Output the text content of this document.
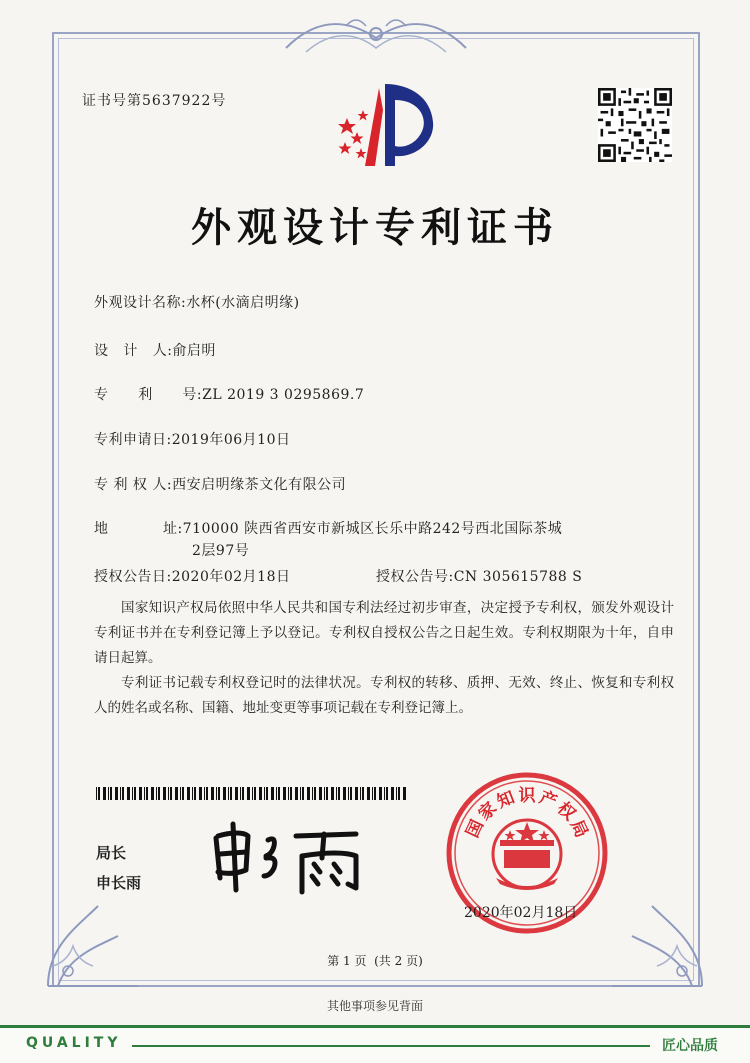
证书号第5637922号
外观设计专利证书
外观设计名称:水杯(水滴启明缘)
设   计   人:俞启明
专      利      号:ZL 2019 3 0295869.7
专利申请日:2019年06月10日
专 利 权 人:西安启明缘茶文化有限公司
地           址:710000 陕西省西安市新城区长乐中路242号西北国际茶城
2层97号
授权公告日:2020年02月18日	授权公告号:CN 305615788 S

国家知识产权局依照中华人民共和国专利法经过初步审查，决定授予专利权，颁发外观设计专利证书并在专利登记簿上予以登记。专利权自授权公告之日起生效。专利权期限为十年，自申请日起算。

专利证书记载专利权登记时的法律状况。专利权的转移、质押、无效、终止、恢复和专利权人的姓名或名称、国籍、地址变更等事项记载在专利登记簿上。

局长
申长雨
国
家
知 识 产
权
局
2020年02月18日
第 1 页  (共 2 页)
其他事项参见背面
QUALITY	匠心品质
